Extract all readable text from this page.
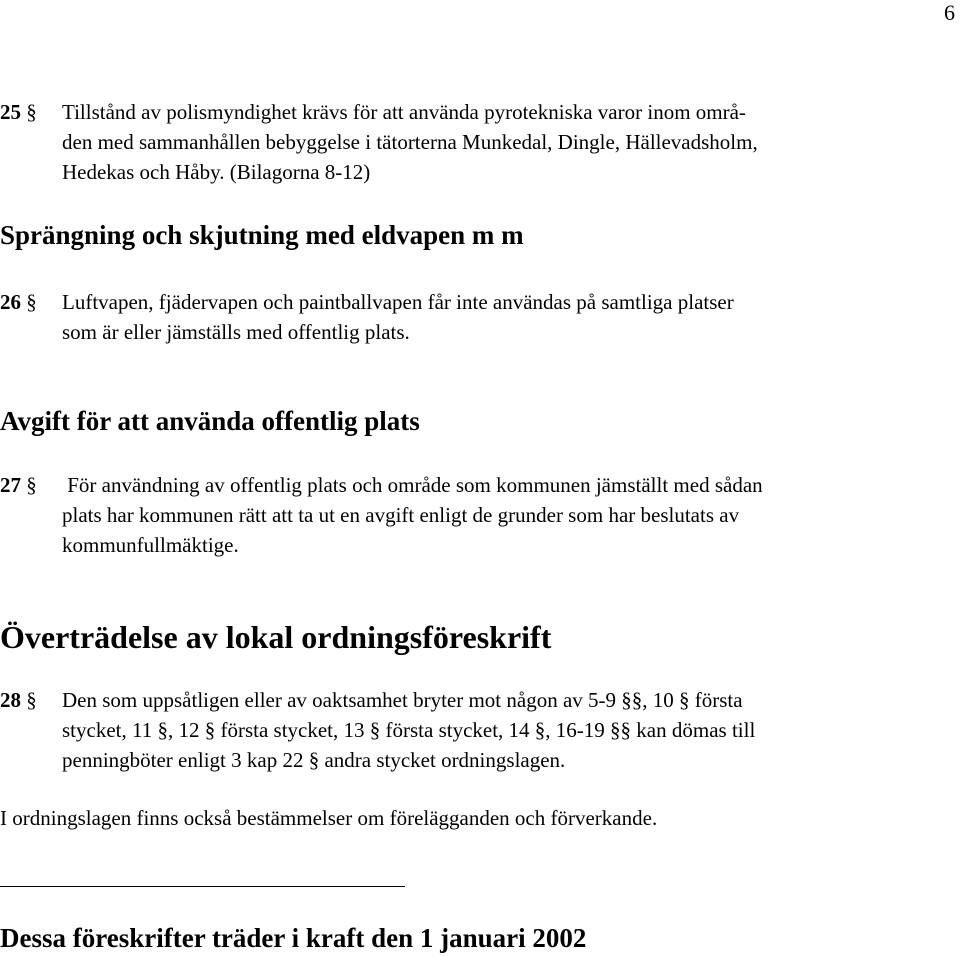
6
25 § Tillstånd av polismyndighet krävs för att använda pyrotekniska varor inom områ-
den med sammanhållen bebyggelse i tätorterna Munkedal, Dingle, Hällevadsholm,
Hedekas och Håby. (Bilagorna 8-12)
Sprängning och skjutning med eldvapen m m
26 § Luftvapen, fjädervapen och paintballvapen får inte användas på samtliga platser
som är eller jämställs med offentlig plats.
Avgift för att använda offentlig plats
27 § För användning av offentlig plats och område som kommunen jämställt med sådan
plats har kommunen rätt att ta ut en avgift enligt de grunder som har beslutats av
kommunfullmäktige.
Överträdelse av lokal ordningsföreskrift
28 § Den som uppsåtligen eller av oaktsamhet bryter mot någon av 5-9 §§, 10 § första
stycket, 11 §, 12 § första stycket, 13 § första stycket, 14 §, 16-19 §§ kan dömas till
penningböter enligt 3 kap 22 § andra stycket ordningslagen.
I ordningslagen finns också bestämmelser om förelägganden och förverkande.
Dessa föreskrifter träder i kraft den 1 januari 2002
